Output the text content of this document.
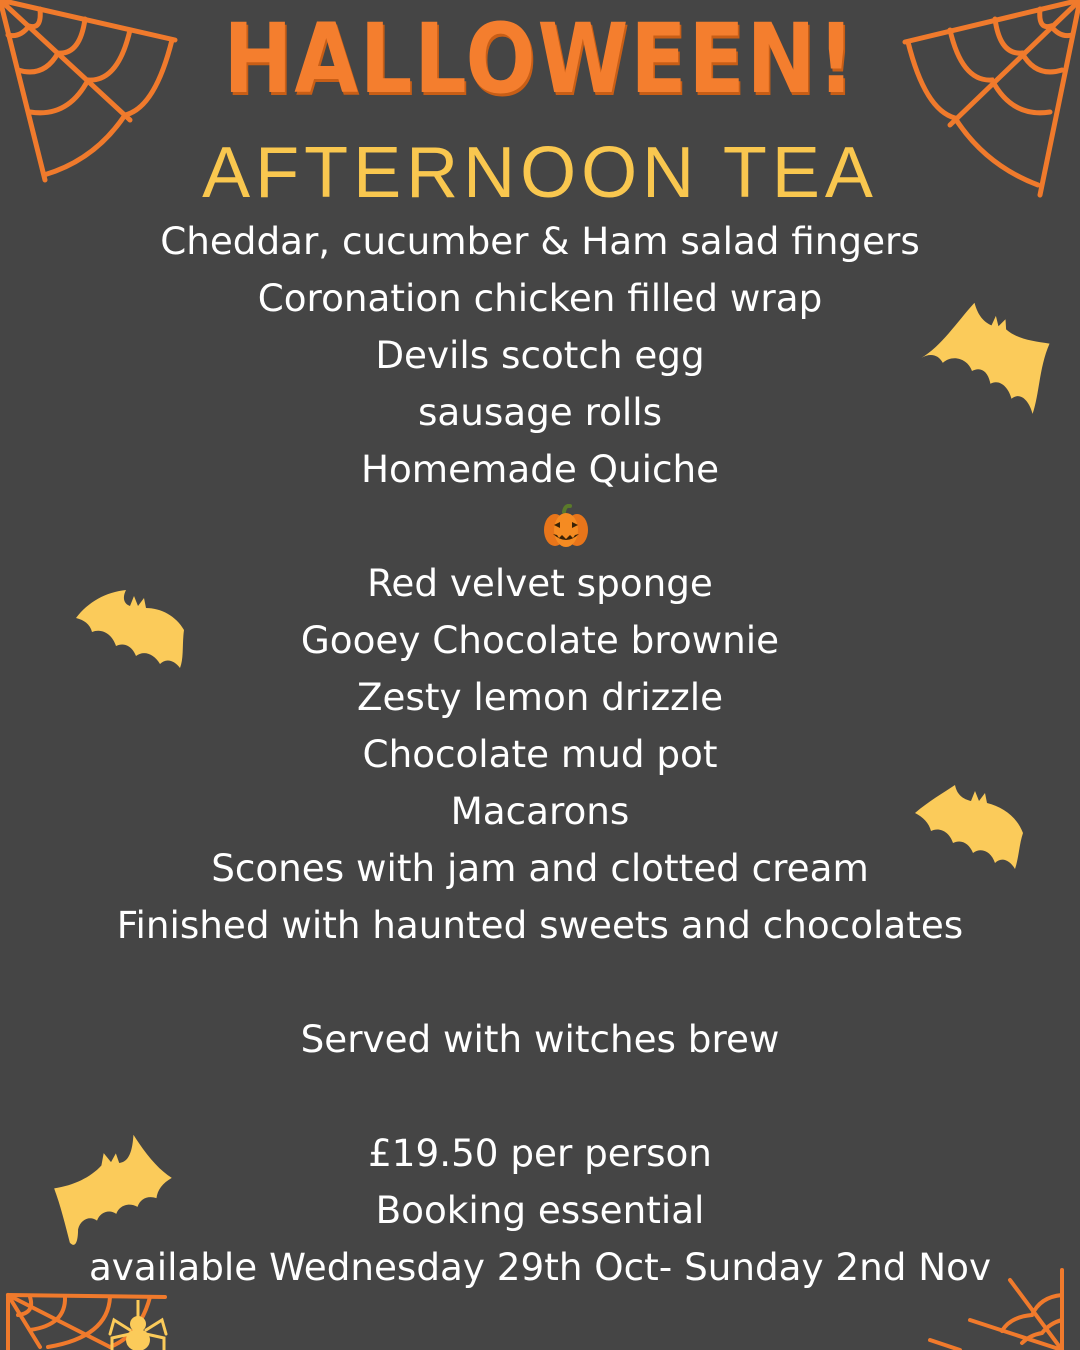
HALLOWEEN!
AFTERNOON TEA
Cheddar, cucumber & Ham salad fingers
Coronation chicken filled wrap
Devils scotch egg
sausage rolls
Homemade Quiche
Red velvet sponge
Gooey Chocolate brownie
Zesty lemon drizzle
Chocolate mud pot
Macarons
Scones with jam and clotted cream
Finished with haunted sweets and chocolates
Served with witches brew
£19.50 per person
Booking essential
available Wednesday 29th Oct- Sunday 2nd Nov
